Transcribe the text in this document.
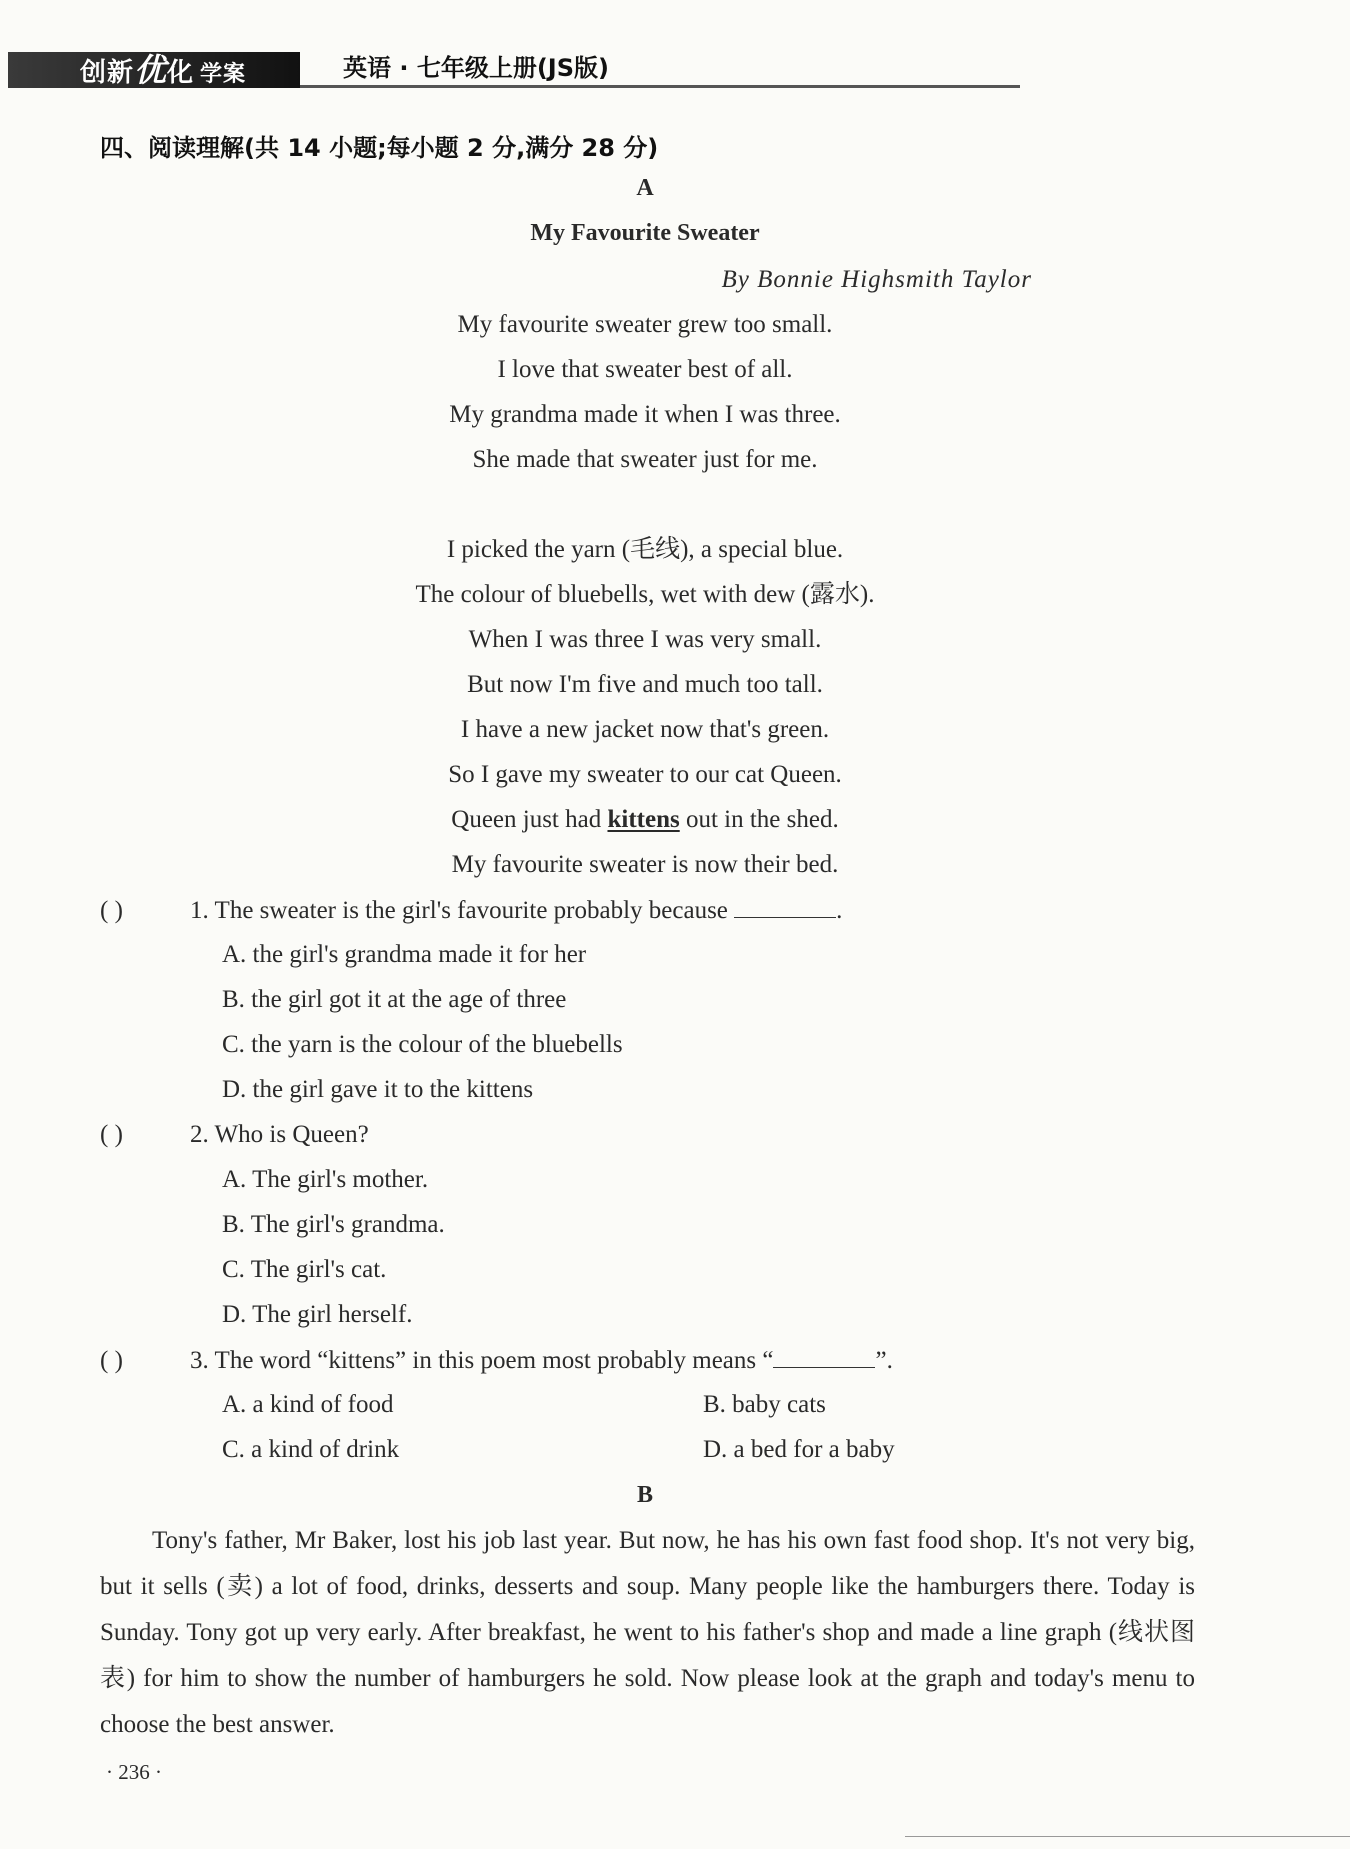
创新优化 学案	英语 · 七年级上册(JS版)
四、阅读理解(共 14 小题;每小题 2 分,满分 28 分)
A
My Favourite Sweater
By Bonnie Highsmith Taylor
My favourite sweater grew too small.
I love that sweater best of all.
My grandma made it when I was three.
She made that sweater just for me.
I picked the yarn (毛线), a special blue.
The colour of bluebells, wet with dew (露水).
When I was three I was very small.
But now I'm five and much too tall.
I have a new jacket now that's green.
So I gave my sweater to our cat Queen.
Queen just had kittens out in the shed.
My favourite sweater is now their bed.
( )	1. The sweater is the girl's favourite probably because	.
A. the girl's grandma made it for her
B. the girl got it at the age of three
C. the yarn is the colour of the bluebells
D. the girl gave it to the kittens
( )	2. Who is Queen?
A. The girl's mother.
B. The girl's grandma.
C. The girl's cat.
D. The girl herself.
( )	3. The word “kittens” in this poem most probably means “	”.
A. a kind of food	B. baby cats
C. a kind of drink	D. a bed for a baby
B
Tony's father, Mr Baker, lost his job last year. But now, he has his own fast food shop. It's not very big, but it sells (卖) a lot of food, drinks, desserts and soup. Many people like the hamburgers there. Today is Sunday. Tony got up very early. After breakfast, he went to his father's shop and made a line graph (线状图表) for him to show the number of hamburgers he sold. Now please look at the graph and today's menu to choose the best answer.
· 236 ·
